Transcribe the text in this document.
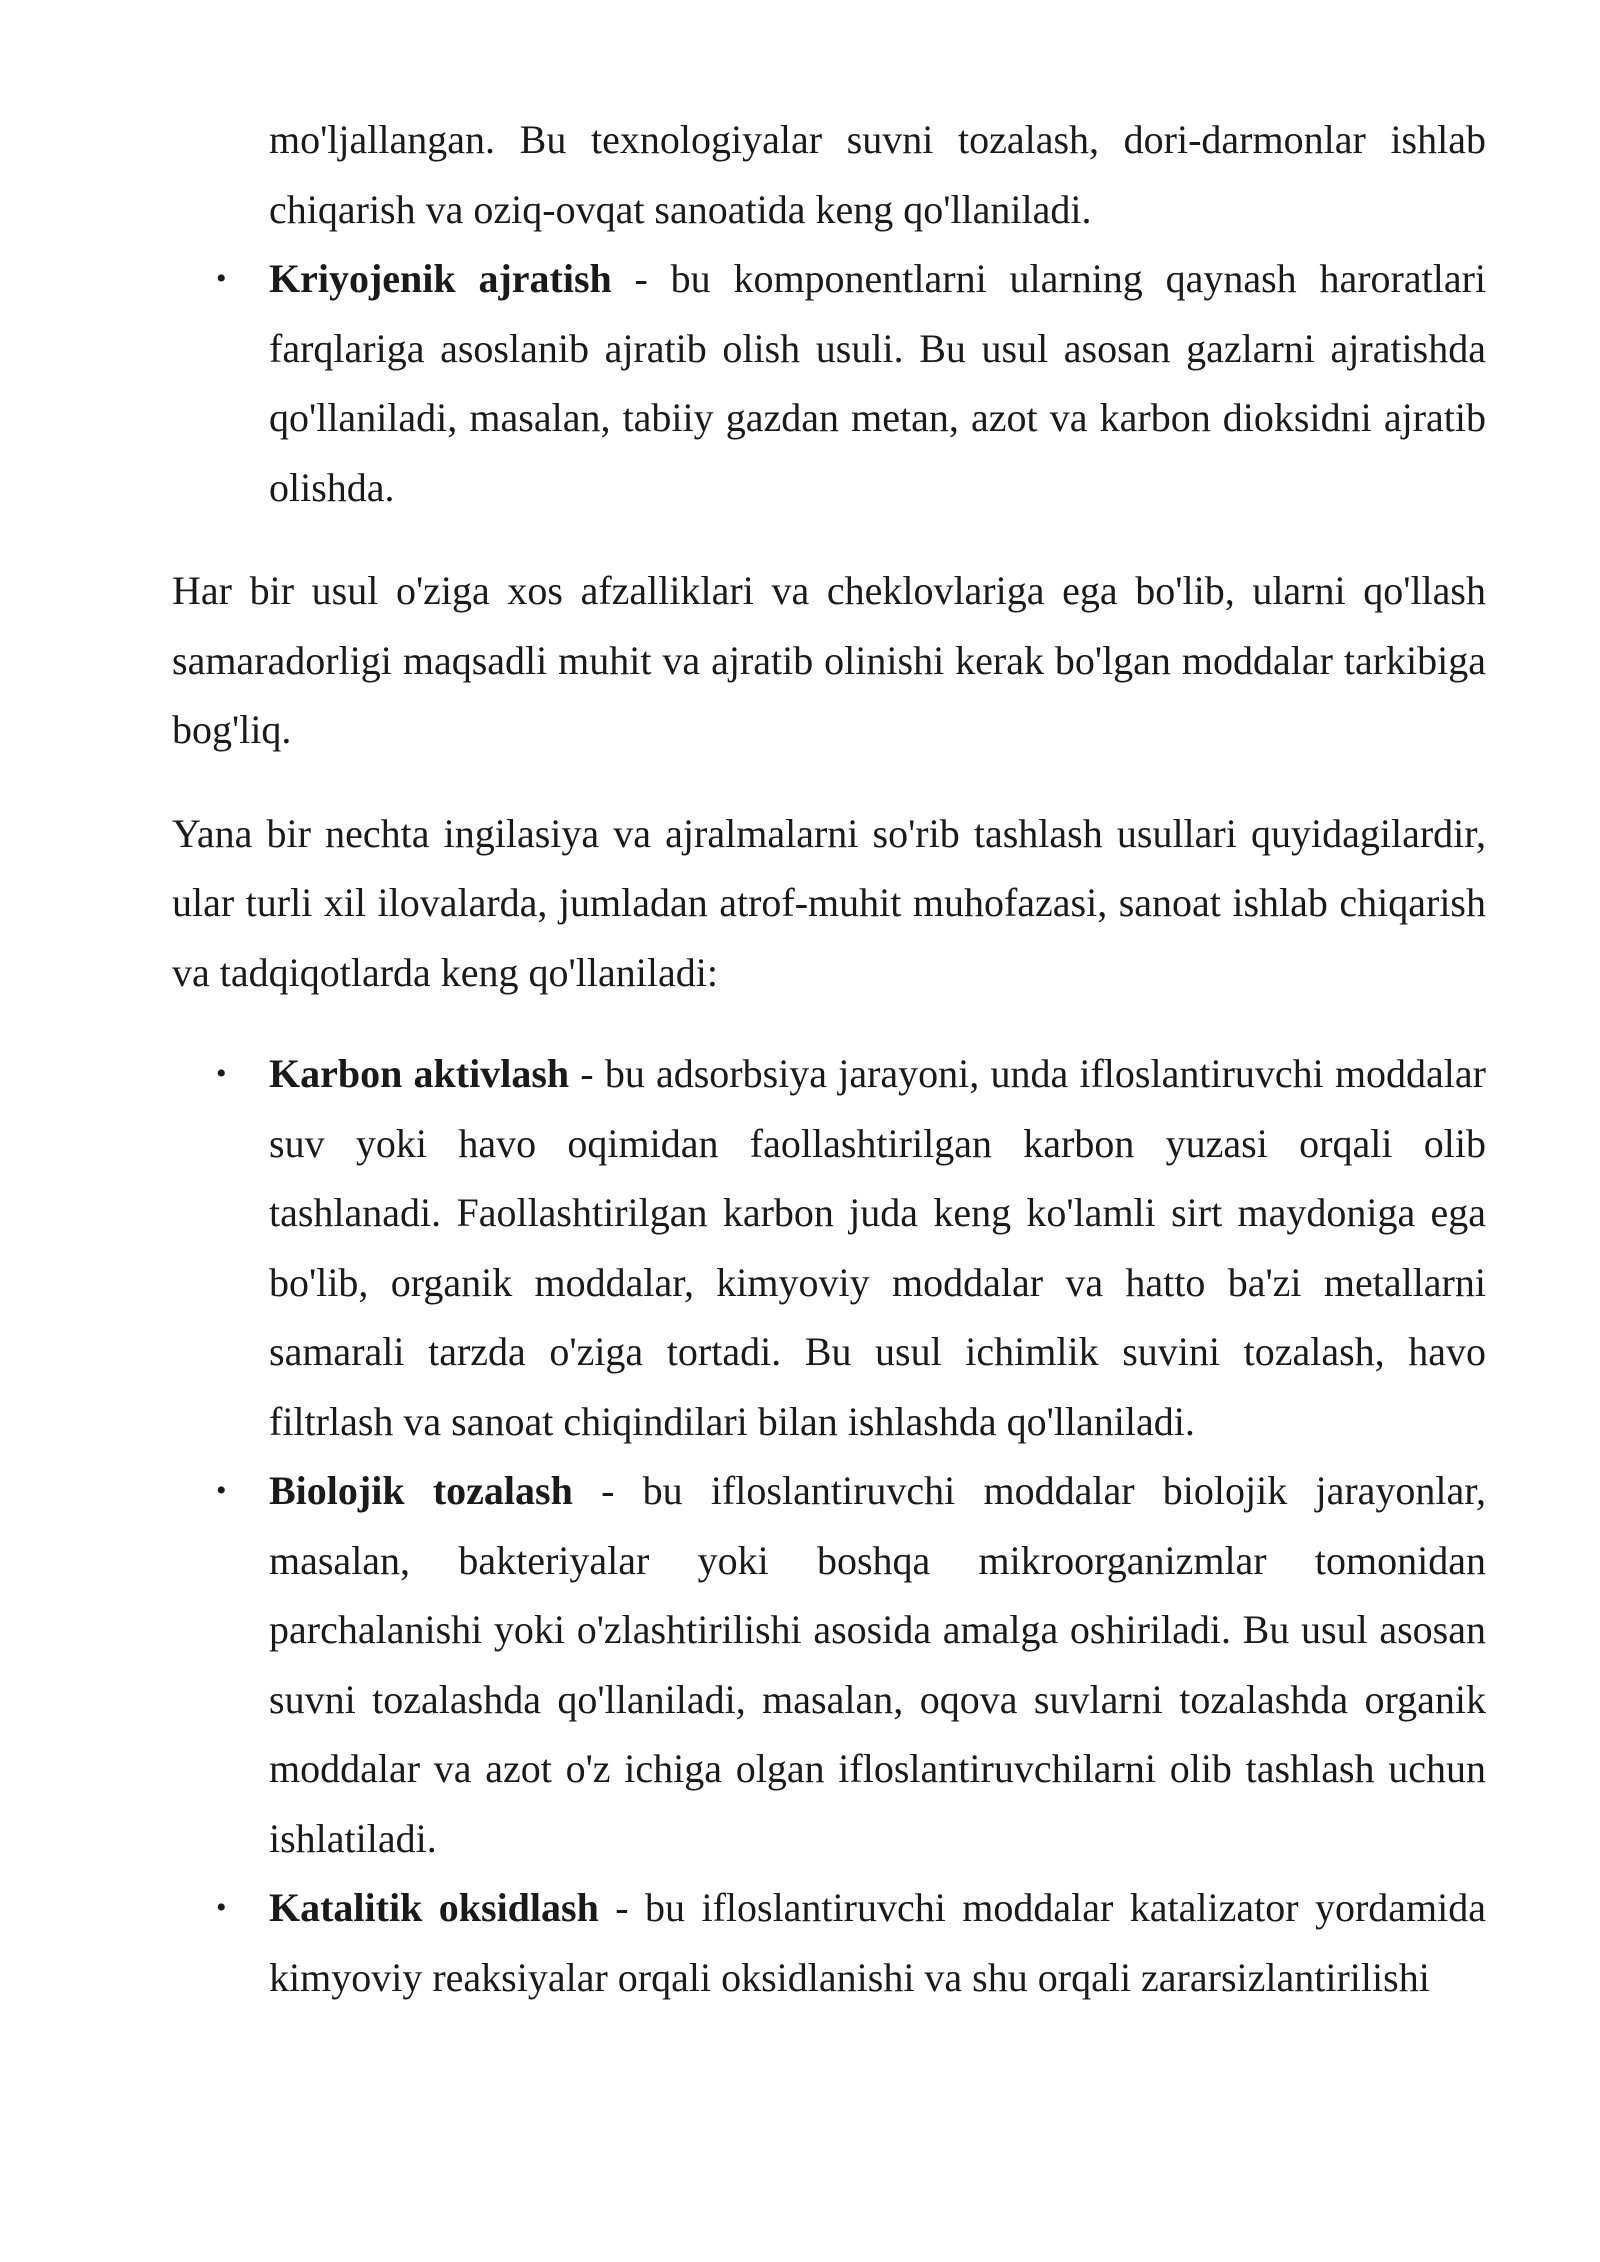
mo'ljallangan. Bu texnologiyalar suvni tozalash, dori-darmonlar ishlab chiqarish va oziq-ovqat sanoatida keng qo'llaniladi.
• Kriyojenik ajratish - bu komponentlarni ularning qaynash haroratlari farqlariga asoslanib ajratib olish usuli. Bu usul asosan gazlarni ajratishda qo'llaniladi, masalan, tabiiy gazdan metan, azot va karbon dioksidni ajratib olishda.

Har bir usul o'ziga xos afzalliklari va cheklovlariga ega bo'lib, ularni qo'llash samaradorligi maqsadli muhit va ajratib olinishi kerak bo'lgan moddalar tarkibiga bog'liq.

Yana bir nechta ingilasiya va ajralmalarni so'rib tashlash usullari quyidagilardir, ular turli xil ilovalarda, jumladan atrof-muhit muhofazasi, sanoat ishlab chiqarish va tadqiqotlarda keng qo'llaniladi:

• Karbon aktivlash - bu adsorbsiya jarayoni, unda ifloslantiruvchi moddalar suv yoki havo oqimidan faollashtirilgan karbon yuzasi orqali olib tashlanadi. Faollashtirilgan karbon juda keng ko'lamli sirt maydoniga ega bo'lib, organik moddalar, kimyoviy moddalar va hatto ba'zi metallarni samarali tarzda o'ziga tortadi. Bu usul ichimlik suvini tozalash, havo filtrlash va sanoat chiqindilari bilan ishlashda qo'llaniladi.
• Biolojik tozalash - bu ifloslantiruvchi moddalar biolojik jarayonlar, masalan, bakteriyalar yoki boshqa mikroorganizmlar tomonidan parchalanishi yoki o'zlashtirilishi asosida amalga oshiriladi. Bu usul asosan suvni tozalashda qo'llaniladi, masalan, oqova suvlarni tozalashda organik moddalar va azot o'z ichiga olgan ifloslantiruvchilarni olib tashlash uchun ishlatiladi.
• Katalitik oksidlash - bu ifloslantiruvchi moddalar katalizator yordamida kimyoviy reaksiyalar orqali oksidlanishi va shu orqali zararsizlantirilishi
